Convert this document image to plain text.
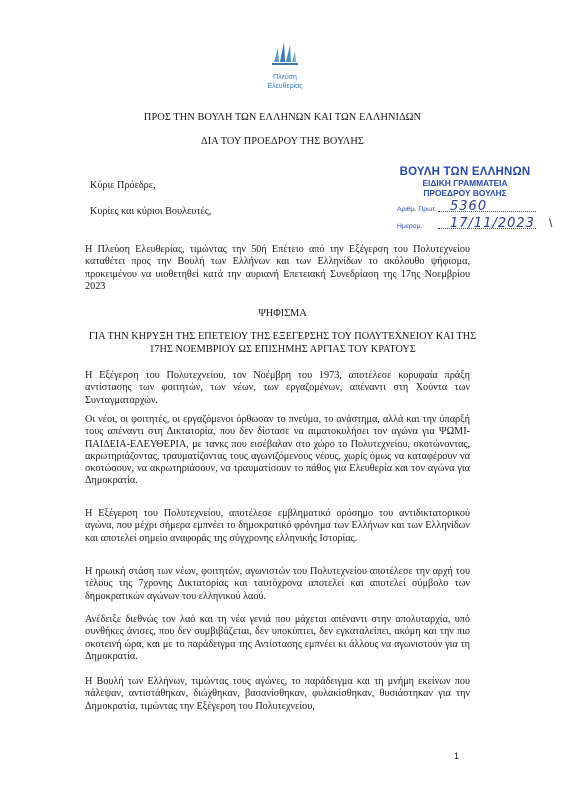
Πλεύση
Ελευθερίας
ΠΡΟΣ ΤΗΝ ΒΟΥΛΗ ΤΩΝ ΕΛΛΗΝΩΝ ΚΑΙ ΤΩΝ ΕΛΛΗΝΙΔΩΝ
ΔΙΑ ΤΟΥ ΠΡΟΕΔΡΟΥ ΤΗΣ ΒΟΥΛΗΣ
Κύριε Πρόεδρε,
Κυρίες και κύριοι Βουλευτές,
ΒΟΥΛΗ ΤΩΝ ΕΛΛΗΝΩΝ
ΕΙΔΙΚΗ ΓΡΑΜΜΑΤΕΙΑ
ΠΡΟΕΔΡΟΥ ΒΟΥΛΗΣ
Αριθμ. Πρωτ. 5360
Ημερομ. 17/11/2023 \

Η Πλεύση Ελευθερίας, τιμώντας την 50ή Επέτειο από την Εξέγερση του Πολυτεχνείου καταθέτει προς την Βουλή των Ελλήνων και των Ελληνίδων το ακόλουθο ψήφισμα, προκειμένου να υιοθετηθεί κατά την αυριανή Επετειακή Συνεδρίαση της 17ης Νοεμβρίου 2023

ΨΗΦΙΣΜΑ
ΓΙΑ ΤΗΝ ΚΗΡΥΞΗ ΤΗΣ ΕΠΕΤΕΙΟΥ ΤΗΣ ΕΞΕΓΕΡΣΗΣ ΤΟΥ ΠΟΛΥΤΕΧΝΕΙΟΥ ΚΑΙ ΤΗΣ
17ΗΣ ΝΟΕΜΒΡΙΟΥ ΩΣ ΕΠΙΣΗΜΗΣ ΑΡΓΙΑΣ ΤΟΥ ΚΡΑΤΟΥΣ

Η Εξέγερση του Πολυτεχνείου, τον Νοέμβρη του 1973, αποτέλεσε κορυφαία πράξη αντίστασης των φοιτητών, των νέων, των εργαζομένων, απέναντι στη Χούντα των Συνταγματαρχών.

Οι νέοι, οι φοιτητές, οι εργαζόμενοι όρθωσαν το πνεύμα, το ανάστημα, αλλά και την ύπαρξή τους απέναντι στη Δικτατορία, που δεν δίστασε να αιματοκυλήσει τον αγώνα για ΨΩΜΙ-ΠΑΙΔΕΙΑ-ΕΛΕΥΘΕΡΙΑ, με τανκς που εισέβαλαν στο χώρο το Πολυτεχνείου, σκοτώνοντας, ακρωτηριάζοντας, τραυματίζοντας τους αγωνιζόμενους νέους, χωρίς όμως να καταφέρουν να σκοτώσουν, να ακρωτηριάσουν, να τραυματίσουν το πάθος για Ελευθερία και τον αγώνα για Δημοκρατία.

Η Εξέγερση του Πολυτεχνείου, αποτέλεσε εμβληματικό ορόσημο του αντιδικτατορικού αγώνα, που μέχρι σήμερα εμπνέει το δημοκρατικό φρόνημα των Ελλήνων και των Ελληνίδων και αποτελεί σημείο αναφοράς της σύγχρονης ελληνικής Ιστορίας.

Η ηρωική στάση των νέων, φοιτητών, αγωνιστών του Πολυτεχνείου αποτέλεσε την αρχή του τέλους της 7χρονης Δικτατορίας και ταυτόχρονα αποτελεί και αποτελεί σύμβολο των δημοκρατικών αγώνων του ελληνικού λαού.

Ανέδειξε διεθνώς τον λαό και τη νέα γενιά που μάχεται απέναντι στην απολυταρχία, υπό συνθήκες άνισες, που δεν συμβιβάζεται, δεν υποκύπτει, δεν εγκαταλείπει, ακόμη και την πιο σκοτεινή ώρα, και με το παράδειγμα της Αντίστασης εμπνέει κι άλλους να αγωνιστούν για τη Δημοκρατία.

Η Βουλή των Ελλήνων, τιμώντας τους αγώνες, το παράδειγμα και τη μνήμη εκείνων που πάλεψαν, αντιστάθηκαν, διώχθηκαν, βασανίσθηκαν, φυλακίσθηκαν, θυσιάστηκαν για την Δημοκρατία, τιμώντας την Εξέγερση του Πολυτεχνείου,

1
